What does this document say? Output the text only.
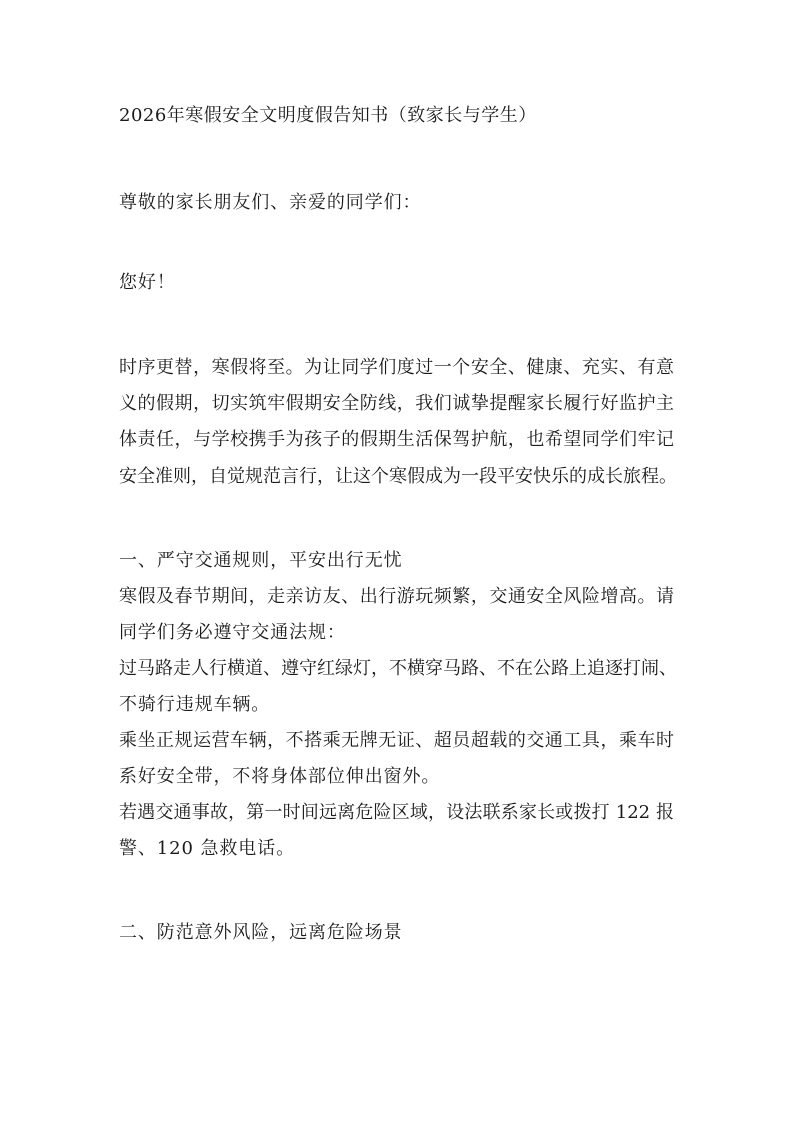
2026年寒假安全文明度假告知书（致家长与学生）
尊敬的家长朋友们、亲爱的同学们：
您好！
时序更替，寒假将至。为让同学们度过一个安全、健康、充实、有意
义的假期，切实筑牢假期安全防线，我们诚挚提醒家长履行好监护主
体责任，与学校携手为孩子的假期生活保驾护航，也希望同学们牢记
安全准则，自觉规范言行，让这个寒假成为一段平安快乐的成长旅程。
一、严守交通规则，平安出行无忧
寒假及春节期间，走亲访友、出行游玩频繁，交通安全风险增高。请
同学们务必遵守交通法规：
过马路走人行横道、遵守红绿灯，不横穿马路、不在公路上追逐打闹、
不骑行违规车辆。
乘坐正规运营车辆，不搭乘无牌无证、超员超载的交通工具，乘车时
系好安全带，不将身体部位伸出窗外。
若遇交通事故，第一时间远离危险区域，设法联系家长或拨打 122 报
警、120 急救电话。
二、防范意外风险，远离危险场景
